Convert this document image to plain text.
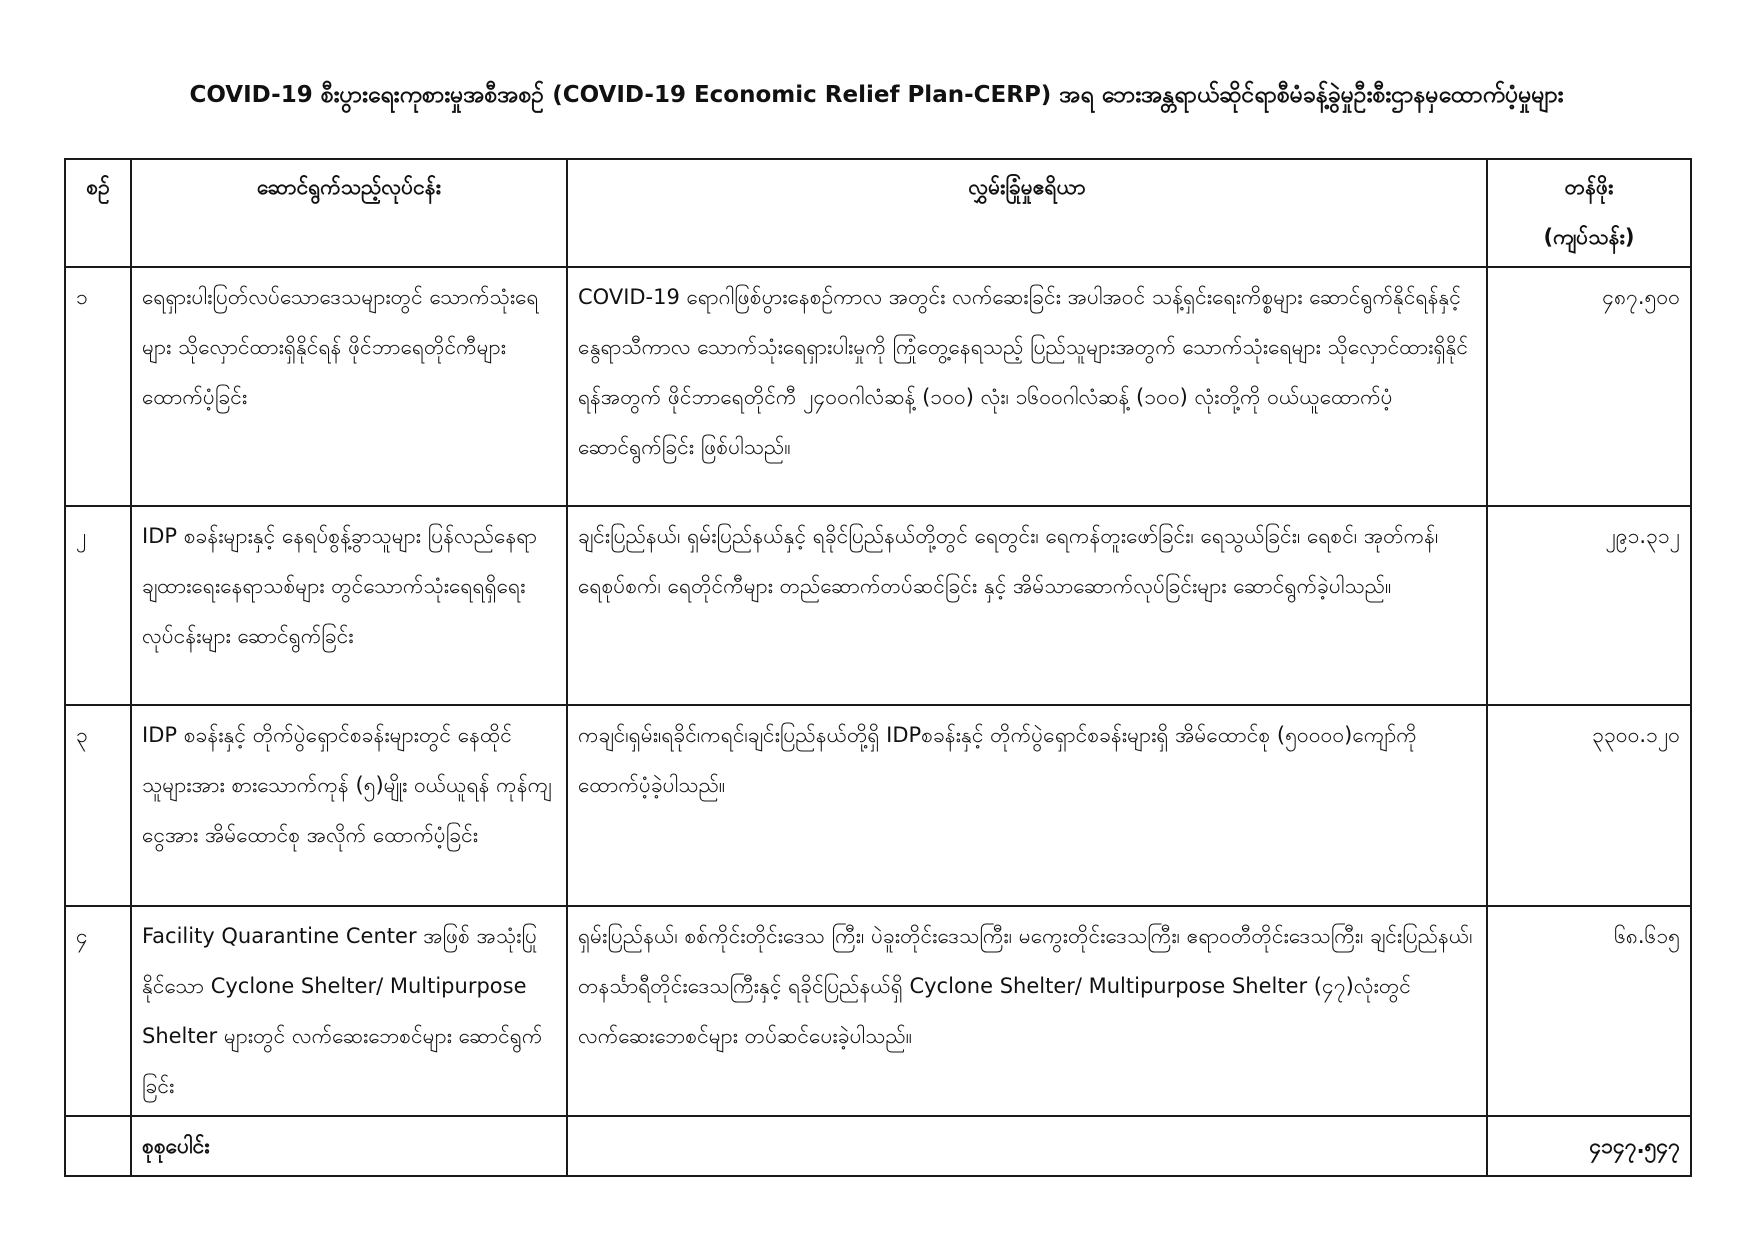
COVID-19 စီးပွားရေးကုစားမှုအစီအစဉ် (COVID-19 Economic Relief Plan-CERP) အရ ဘေးအန္တရာယ်ဆိုင်ရာစီမံခန့်ခွဲမှုဦးစီးဌာနမှထောက်ပံ့မှုများ
စဉ်	ဆောင်ရွက်သည့်လုပ်ငန်း	လွှမ်းခြုံမှုဧရိယာ	တန်ဖိုး
(ကျပ်သန်း)

၁	ရေရှားပါးပြတ်လပ်သောဒေသများတွင် သောက်သုံးရေများ သိုလှောင်ထားရှိနိုင်ရန် ဖိုင်ဘာရေတိုင်ကီများ ထောက်ပံ့ခြင်း	COVID-19 ရောဂါဖြစ်ပွားနေစဉ်ကာလ အတွင်း လက်ဆေးခြင်း အပါအဝင် သန့်ရှင်းရေးကိစ္စများ ဆောင်ရွက်နိုင်ရန်နှင့် နွေရာသီကာလ သောက်သုံးရေရှားပါးမှုကို ကြုံတွေ့နေရသည့် ပြည်သူများအတွက် သောက်သုံးရေများ သိုလှောင်ထားရှိနိုင်ရန်အတွက် ဖိုင်ဘာရေတိုင်ကီ ၂၄၀၀ဂါလံဆန့် (၁၀၀) လုံး၊ ၁၆၀၀ဂါလံဆန့် (၁၀၀) လုံးတို့ကို ဝယ်ယူထောက်ပံ့ဆောင်ရွက်ခြင်း ဖြစ်ပါသည်။	၄၈၇.၅၀၀
၂	IDP စခန်းများနှင့် နေရပ်စွန့်ခွာသူများ ပြန်လည်နေရာချထားရေးနေရာသစ်များ တွင်သောက်သုံးရေရရှိရေးလုပ်ငန်းများ ဆောင်ရွက်ခြင်း	ချင်းပြည်နယ်၊ ရှမ်းပြည်နယ်နှင့် ရခိုင်ပြည်နယ်တို့တွင် ရေတွင်း၊ ရေကန်တူးဖော်ခြင်း၊ ရေသွယ်ခြင်း၊ ရေစင်၊ အုတ်ကန်၊ ရေစုပ်စက်၊ ရေတိုင်ကီများ တည်ဆောက်တပ်ဆင်ခြင်း နှင့် အိမ်သာဆောက်လုပ်ခြင်းများ ဆောင်ရွက်ခဲ့ပါသည်။	၂၉၁.၃၁၂
၃	IDP စခန်းနှင့် တိုက်ပွဲရှောင်စခန်းများတွင် နေထိုင်သူများအား စားသောက်ကုန် (၅)မျိုး ဝယ်ယူရန် ကုန်ကျငွေအား အိမ်ထောင်စု အလိုက် ထောက်ပံ့ခြင်း	ကချင်၊ရှမ်း၊ရခိုင်၊ကရင်၊ချင်းပြည်နယ်တို့ရှိ IDPစခန်းနှင့် တိုက်ပွဲရှောင်စခန်းများရှိ အိမ်ထောင်စု (၅၀၀၀၀)ကျော်ကို ထောက်ပံ့ခဲ့ပါသည်။	၃၃၀၀.၁၂၀
၄	Facility Quarantine Center အဖြစ် အသုံးပြုနိုင်သော Cyclone Shelter/ Multipurpose Shelter များတွင် လက်ဆေးဘေစင်များ ဆောင်ရွက်ခြင်း	ရှမ်းပြည်နယ်၊ စစ်ကိုင်းတိုင်းဒေသ ကြီး၊ ပဲခူးတိုင်းဒေသကြီး၊ မကွေးတိုင်းဒေသကြီး၊ ဧရာဝတီတိုင်းဒေသကြီး၊ ချင်းပြည်နယ်၊ တနင်္သာရီတိုင်းဒေသကြီးနှင့် ရခိုင်ပြည်နယ်ရှိ Cyclone Shelter/ Multipurpose Shelter (၄၇)လုံးတွင် လက်ဆေးဘေစင်များ တပ်ဆင်ပေးခဲ့ပါသည်။	၆၈.၆၁၅
	စုစုပေါင်း		၄၁၄၇.၅၄၇
